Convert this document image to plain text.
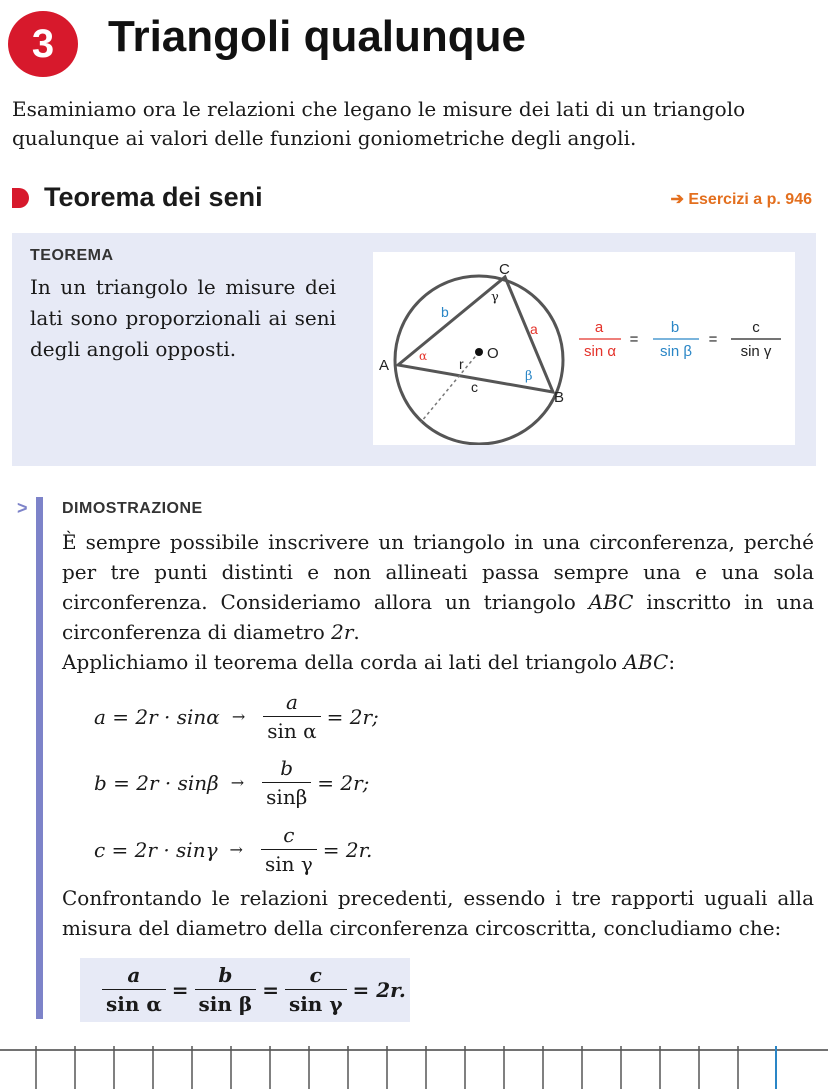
3 Triangoli qualunque
Esaminiamo ora le relazioni che legano le misure dei lati di un triangolo qualunque ai valori delle funzioni goniometriche degli angoli.
Teorema dei seni	➔ Esercizi a p. 946
TEOREMA
In un triangolo le misure dei lati sono proporzionali ai seni degli angoli opposti.
A
B
C
O
a
b
c
r
α
β
γ
a
sin α
=
b
sin β
=
c
sin γ
> DIMOSTRAZIONE

È sempre possibile inscrivere un triangolo in una circonferenza, perché per tre punti distinti e non allineati passa sempre una e una sola circonferenza. Consideriamo allora un triangolo ABC inscritto in una circonferenza di diametro 2r.

Applichiamo il teorema della corda ai lati del triangolo ABC:

$a = 2r \cdot \sin\alpha \to \frac{a}{\text{sin α}} = 2r$;
$b = 2r \cdot \sin\beta \to \frac{b}{\sin\beta} = 2r$;
$c = 2r \cdot \sin\gamma \to \frac{c}{\text{sin γ}} = 2r$.
Confrontando le relazioni precedenti, essendo i tre rapporti uguali alla misura del diametro della circonferenza circoscritta, concludiamo che:
$\frac{a}{\text{sin α}} = \frac{b}{\text{sin β}} = \frac{c}{\text{sin γ}} = 2r$.
